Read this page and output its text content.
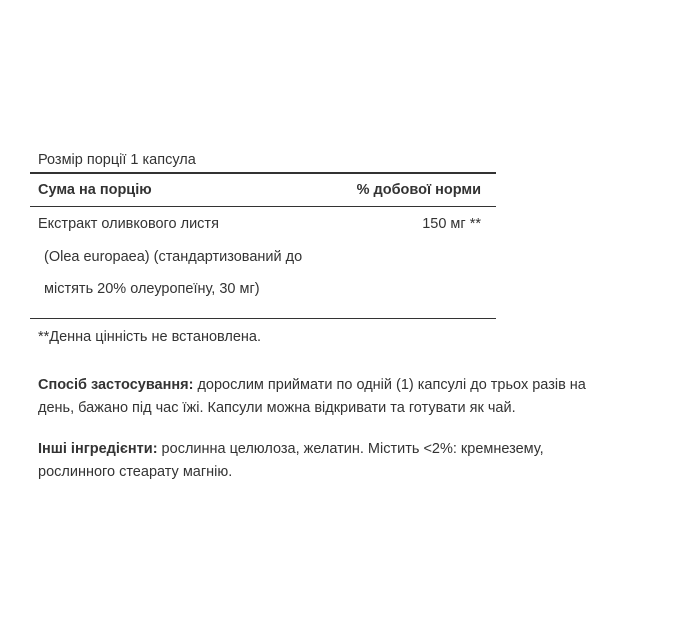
Розмір порції 1 капсула
Сума на порцію	% добової норми
Екстракт оливкового листя	150 мг **
(Olea europaea) (стандартизований до
містять 20% олеуропеїну, 30 мг)
**Денна цінність не встановлена.
Спосіб застосування: дорослим приймати по одній (1) капсулі до трьох разів на
день, бажано під час їжі. Капсули можна відкривати та готувати як чай.
Інші інгредієнти: рослинна целюлоза, желатин. Містить <2%: кремнезему,
рослинного стеарату магнію.
